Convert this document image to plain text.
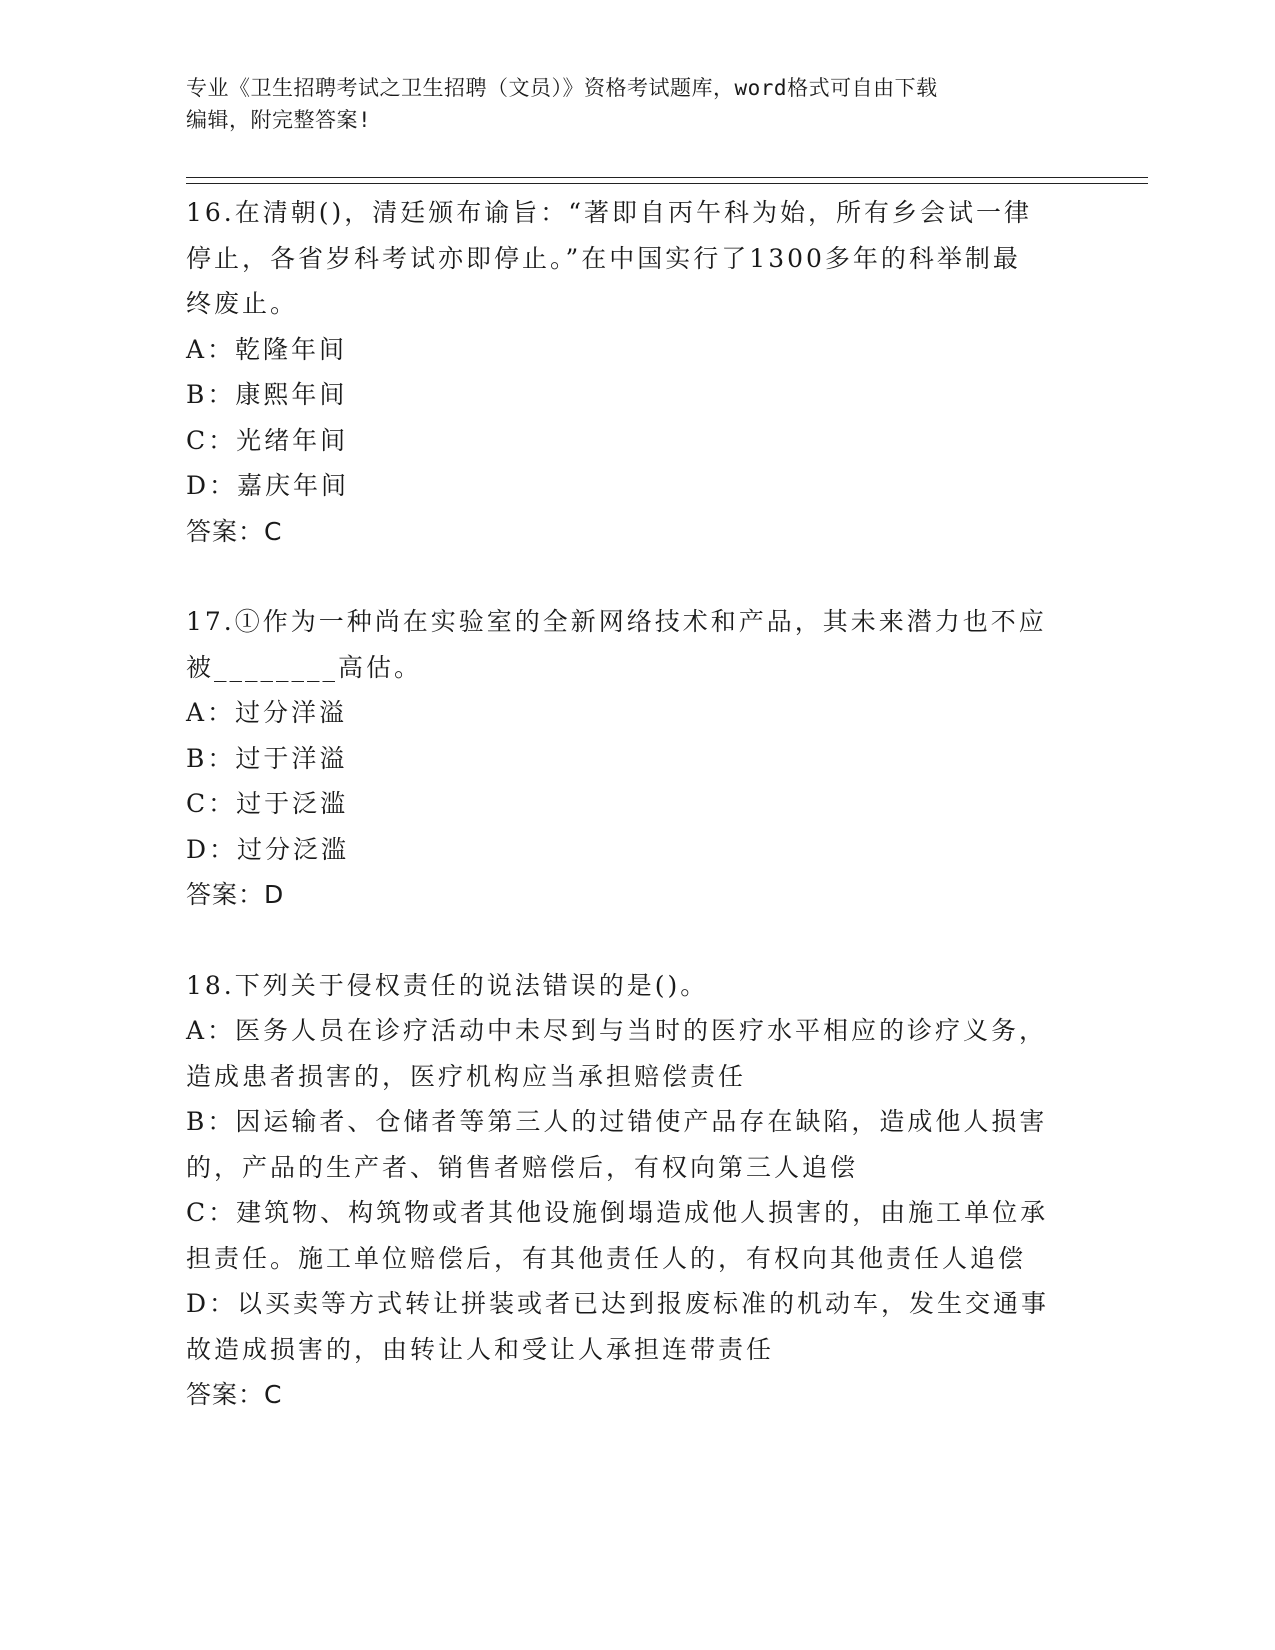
专业《卫生招聘考试之卫生招聘（文员）》资格考试题库，word格式可自由下载
编辑，附完整答案!
16.在清朝()，清廷颁布谕旨：“著即自丙午科为始，所有乡会试一律
停止，各省岁科考试亦即停止。”在中国实行了1300多年的科举制最
终废止。
A：乾隆年间
B：康熙年间
C：光绪年间
D：嘉庆年间
答案：C
17.①作为一种尚在实验室的全新网络技术和产品，其未来潜力也不应
被________高估。
A：过分洋溢
B：过于洋溢
C：过于泛滥
D：过分泛滥
答案：D
18.下列关于侵权责任的说法错误的是()。
A：医务人员在诊疗活动中未尽到与当时的医疗水平相应的诊疗义务，
造成患者损害的，医疗机构应当承担赔偿责任
B：因运输者、仓储者等第三人的过错使产品存在缺陷，造成他人损害
的，产品的生产者、销售者赔偿后，有权向第三人追偿
C：建筑物、构筑物或者其他设施倒塌造成他人损害的，由施工单位承
担责任。施工单位赔偿后，有其他责任人的，有权向其他责任人追偿
D：以买卖等方式转让拼装或者已达到报废标准的机动车，发生交通事
故造成损害的，由转让人和受让人承担连带责任
答案：C
